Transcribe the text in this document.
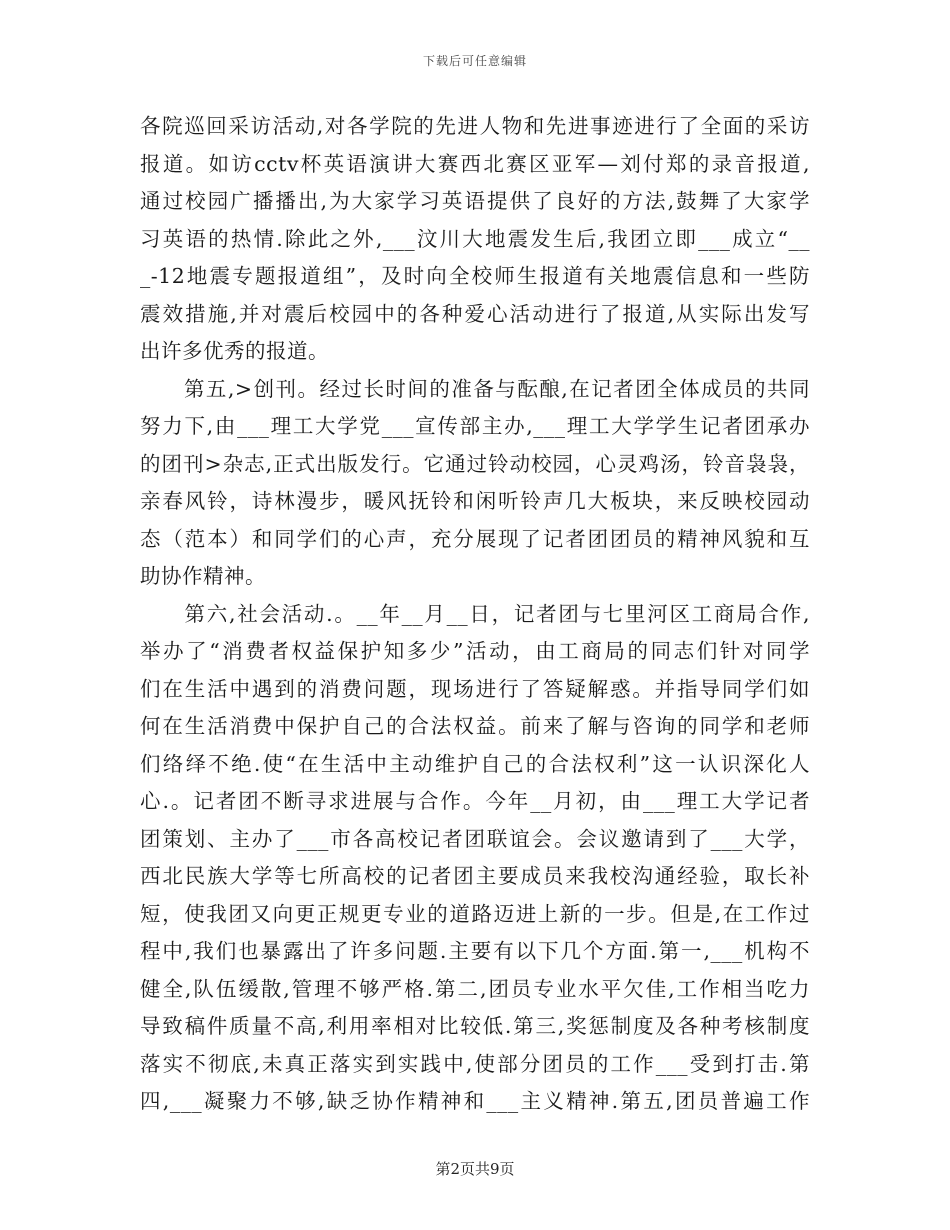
下载后可任意编辑
各院巡回采访活动,对各学院的先进人物和先进事迹进行了全面的采访
报道。如访cctv杯英语演讲大赛西北赛区亚军—刘付郑的录音报道,
通过校园广播播出,为大家学习英语提供了良好的方法,鼓舞了大家学
习英语的热情.除此之外,___汶川大地震发生后,我团立即___成立“__
_-12地震专题报道组”，及时向全校师生报道有关地震信息和一些防
震效措施,并对震后校园中的各种爱心活动进行了报道,从实际出发写
出许多优秀的报道。
　　第五,>创刊。经过长时间的准备与酝酿,在记者团全体成员的共同
努力下,由___理工大学党___宣传部主办,___理工大学学生记者团承办
的团刊>杂志,正式出版发行。它通过铃动校园，心灵鸡汤，铃音袅袅，
亲春风铃，诗林漫步，暖风抚铃和闲听铃声几大板块，来反映校园动
态（范本）和同学们的心声，充分展现了记者团团员的精神风貌和互
助协作精神。
　　第六,社会活动.。__年__月__日，记者团与七里河区工商局合作,
举办了“消费者权益保护知多少”活动，由工商局的同志们针对同学
们在生活中遇到的消费问题，现场进行了答疑解惑。并指导同学们如
何在生活消费中保护自己的合法权益。前来了解与咨询的同学和老师
们络绎不绝.使“在生活中主动维护自己的合法权利”这一认识深化人
心.。记者团不断寻求进展与合作。今年__月初，由___理工大学记者
团策划、主办了___市各高校记者团联谊会。会议邀请到了___大学，
西北民族大学等七所高校的记者团主要成员来我校沟通经验，取长补
短，使我团又向更正规更专业的道路迈进上新的一步。但是,在工作过
程中,我们也暴露出了许多问题.主要有以下几个方面.第一,___机构不
健全,队伍缓散,管理不够严格.第二,团员专业水平欠佳,工作相当吃力
导致稿件质量不高,利用率相对比较低.第三,奖惩制度及各种考核制度
落实不彻底,未真正落实到实践中,使部分团员的工作___受到打击.第
四,___凝聚力不够,缺乏协作精神和___主义精神.第五,团员普遍工作
第2页共9页
